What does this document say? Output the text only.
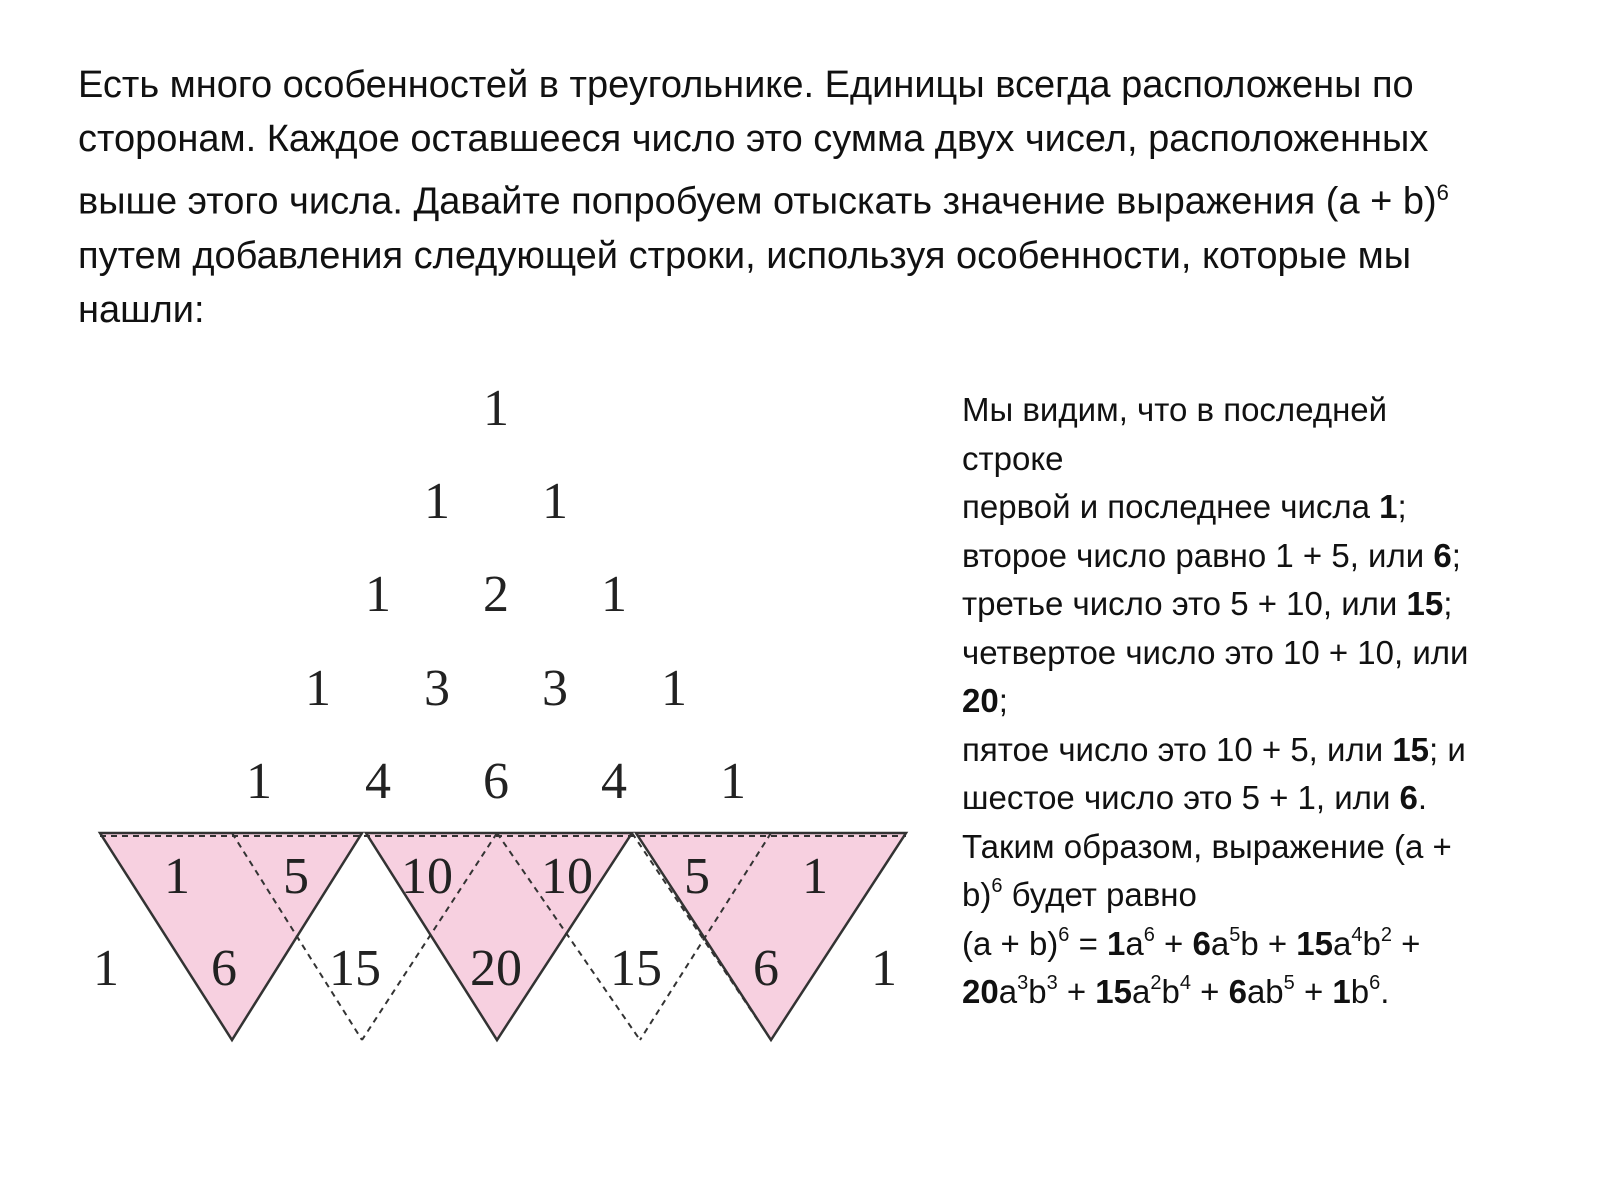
Есть много особенностей в треугольнике. Единицы всегда расположены по сторонам. Каждое оставшееся число это сумма двух чисел, расположенных выше этого числа. Давайте попробуем отыскать значение выражения $(a + b)^6$ путем добавления следующей строки, используя особенности, которые мы нашли:

1
1 1
1 2 1
1 3 3 1
1 4 6 4 1
1 5 10 10 5 1
1 6 15 20 15 6 1
Мы видим, что в последней
строке
первой и последнее числа 1;
второе число равно 1 + 5, или 6;
третье число это 5 + 10, или 15;
четвертое число это 10 + 10, или
20;
пятое число это 10 + 5, или 15; и
шестое число это 5 + 1, или 6.
Таким образом, выражение (a +
b)$^6$ будет равно
$(a + b)^6 = 1a^6 + 6a^5b + 15a^4b^2$ +
$20a^3b^3 + 15a^2b^4 + 6ab^5 + 1b^6$.
